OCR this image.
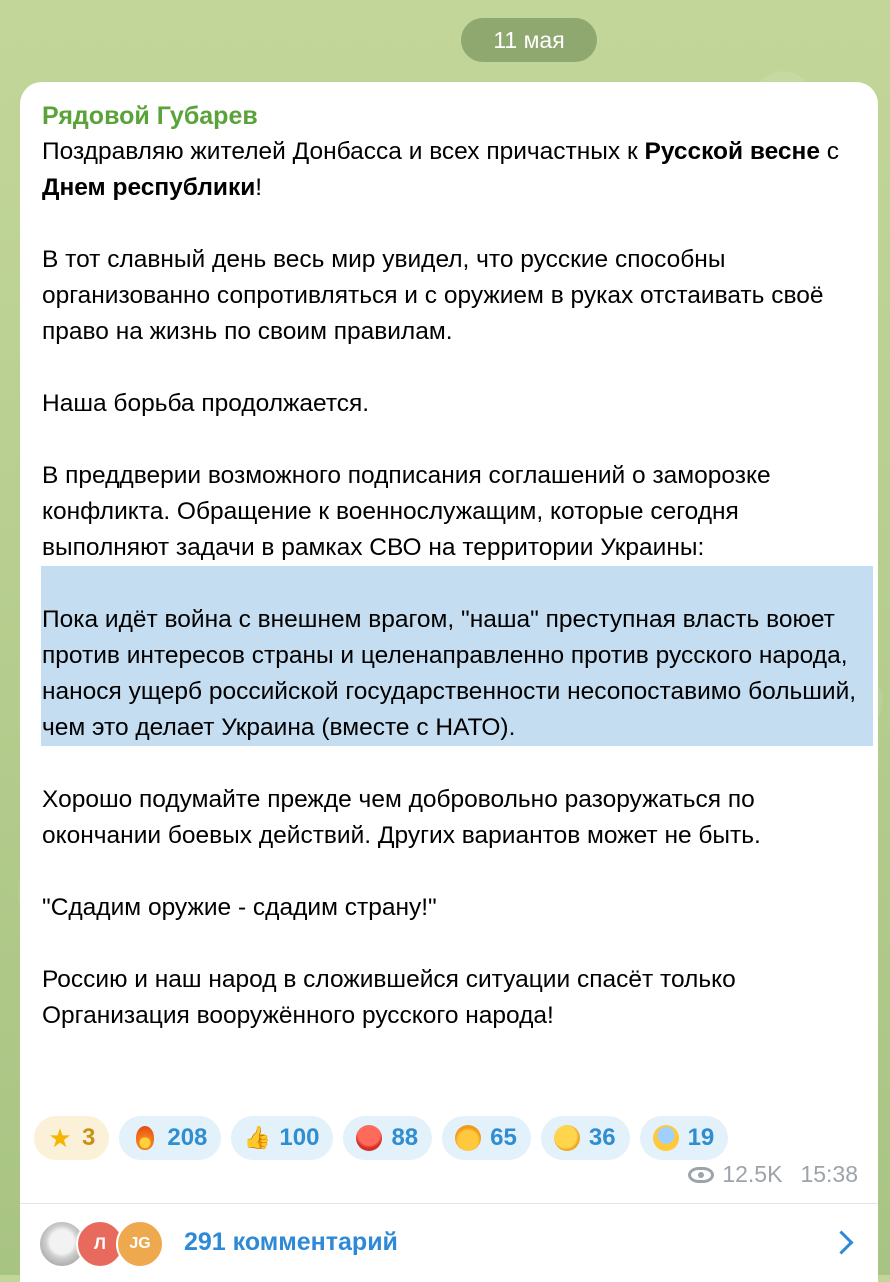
11 мая
Рядовой Губарев

Поздравляю жителей Донбасса и всех причастных к Русской весне с Днем республики!

В тот славный день весь мир увидел, что русские способны организованно сопротивляться и с оружием в руках отстаивать своё право на жизнь по своим правилам.

Наша борьба продолжается.

В преддверии возможного подписания соглашений о заморозке конфликта. Обращение к военнослужащим, которые сегодня выполняют задачи в рамках СВО на территории Украины:

Пока идёт война с внешнем врагом, "наша" преступная власть воюет против интересов страны и целенаправленно против русского народа, нанося ущерб российской государственности несопоставимо больший, чем это делает Украина (вместе с НАТО).

Хорошо подумайте прежде чем добровольно разоружаться по окончании боевых действий. Других вариантов может не быть.

"Сдадим оружие - сдадим страну!"

Россию и наш народ в сложившейся ситуации спасёт только Организация вооружённого русского народа!

★
3	208
👍	100	88	65	36	19
12.5K 15:38
Л	JG	291 комментарий
